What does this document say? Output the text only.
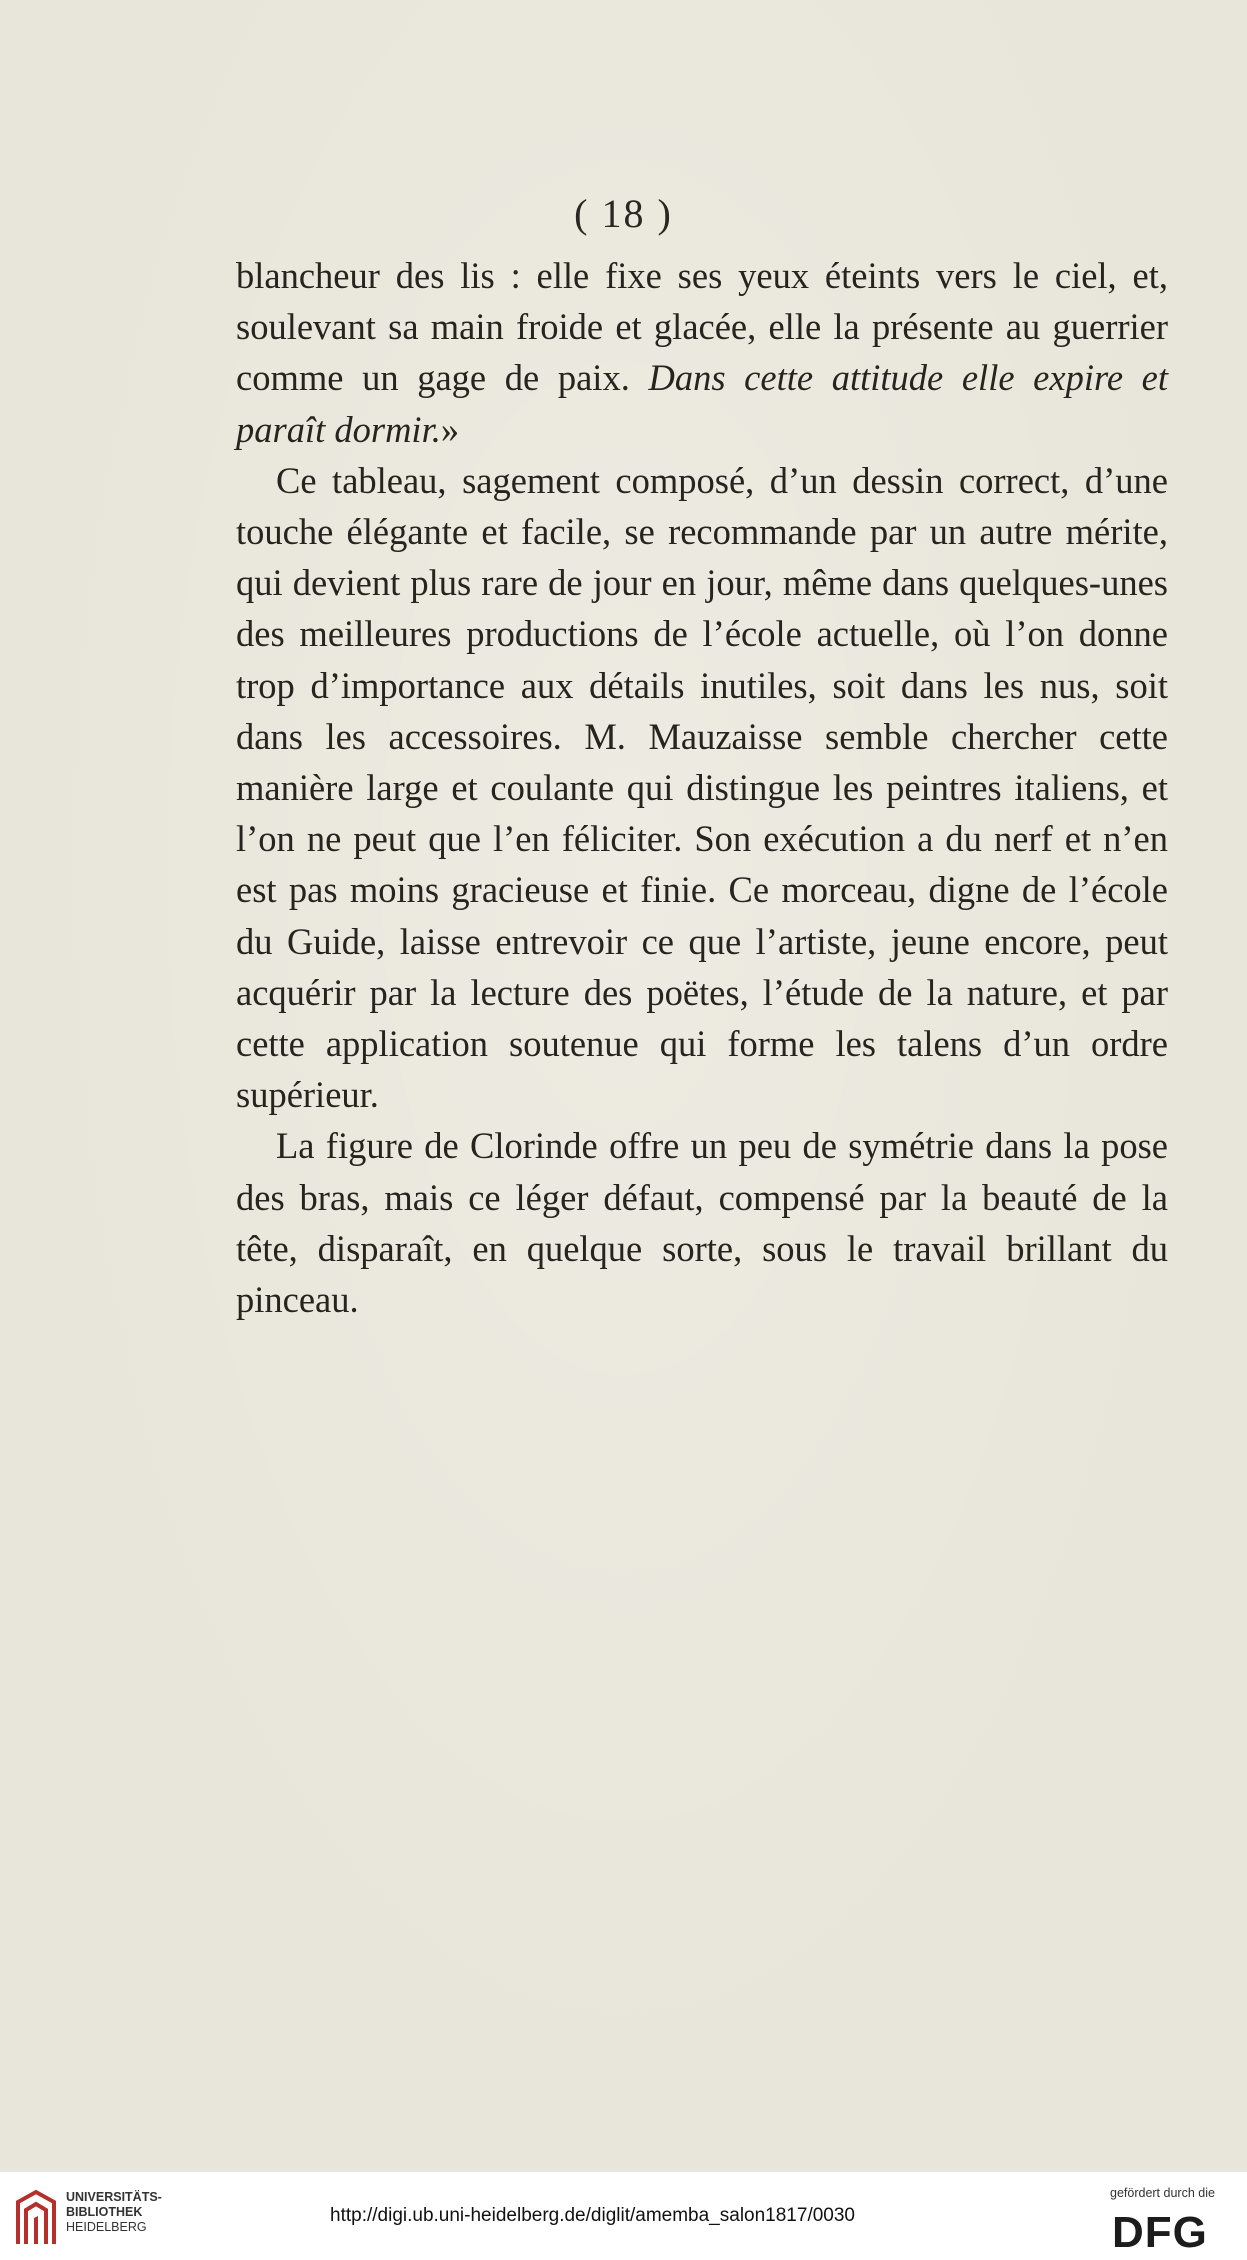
( 18 )

blancheur des lis : elle fixe ses yeux éteints vers le ciel, et, soulevant sa main froide et glacée, elle la présente au guerrier comme un gage de paix. Dans cette attitude elle expire et paraît dormir.»

Ce tableau, sagement composé, d’un dessin correct, d’une touche élégante et facile, se recommande par un autre mérite, qui devient plus rare de jour en jour, même dans quelques-unes des meilleures productions de l’école actuelle, où l’on donne trop d’importance aux détails inutiles, soit dans les nus, soit dans les accessoires. M. Mauzaisse semble chercher cette manière large et coulante qui distingue les peintres italiens, et l’on ne peut que l’en féliciter. Son exécution a du nerf et n’en est pas moins gracieuse et finie. Ce morceau, digne de l’école du Guide, laisse entrevoir ce que l’artiste, jeune encore, peut acquérir par la lecture des poëtes, l’étude de la nature, et par cette application soutenue qui forme les talens d’un ordre supérieur.

La figure de Clorinde offre un peu de symétrie dans la pose des bras, mais ce léger défaut, compensé par la beauté de la tête, disparaît, en quelque sorte, sous le travail brillant du pinceau.

UNIVERSITÄTS-
BIBLIOTHEK
HEIDELBERG
http://digi.ub.uni-heidelberg.de/diglit/amemba_salon1817/0030
gefördert durch die
DFG
